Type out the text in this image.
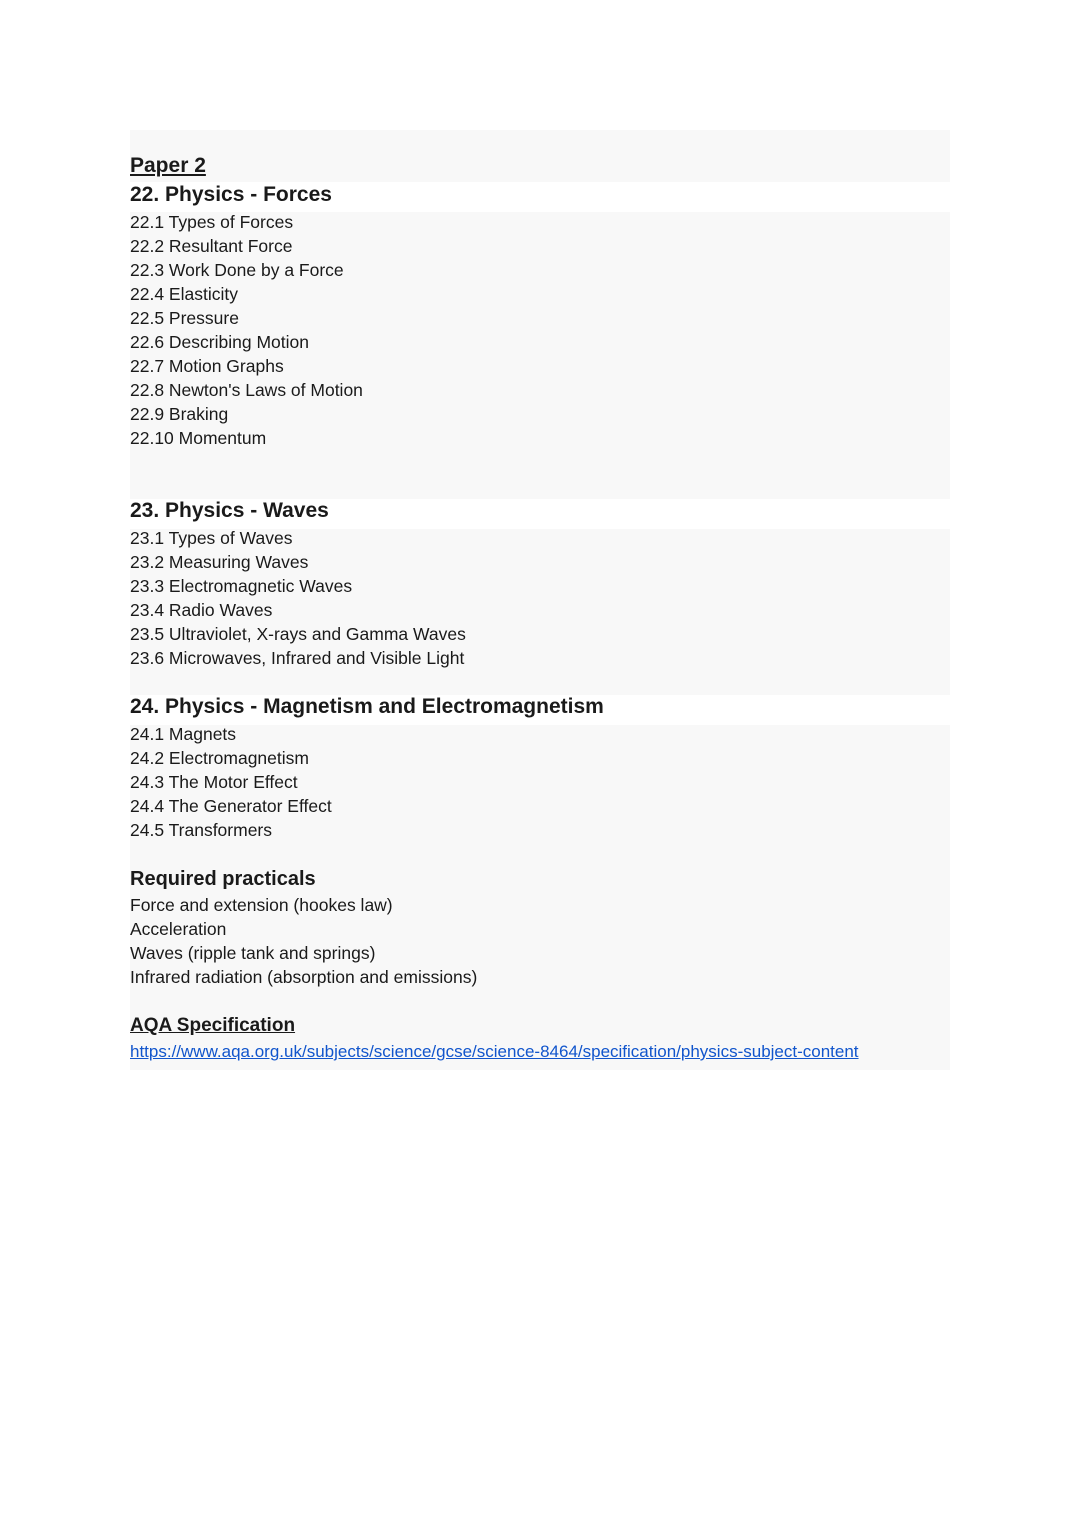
Paper 2
22. Physics - Forces
22.1 Types of Forces
22.2 Resultant Force
22.3 Work Done by a Force
22.4 Elasticity
22.5 Pressure
22.6 Describing Motion
22.7 Motion Graphs
22.8 Newton's Laws of Motion
22.9 Braking
22.10 Momentum
23. Physics - Waves
23.1 Types of Waves
23.2 Measuring Waves
23.3 Electromagnetic Waves
23.4 Radio Waves
23.5 Ultraviolet, X-rays and Gamma Waves
23.6 Microwaves, Infrared and Visible Light
24. Physics - Magnetism and Electromagnetism
24.1 Magnets
24.2 Electromagnetism
24.3 The Motor Effect
24.4 The Generator Effect
24.5 Transformers
Required practicals
Force and extension (hookes law)
Acceleration
Waves (ripple tank and springs)
Infrared radiation (absorption and emissions)
AQA Specification
https://www.aqa.org.uk/subjects/science/gcse/science-8464/specification/physics-subject-content
